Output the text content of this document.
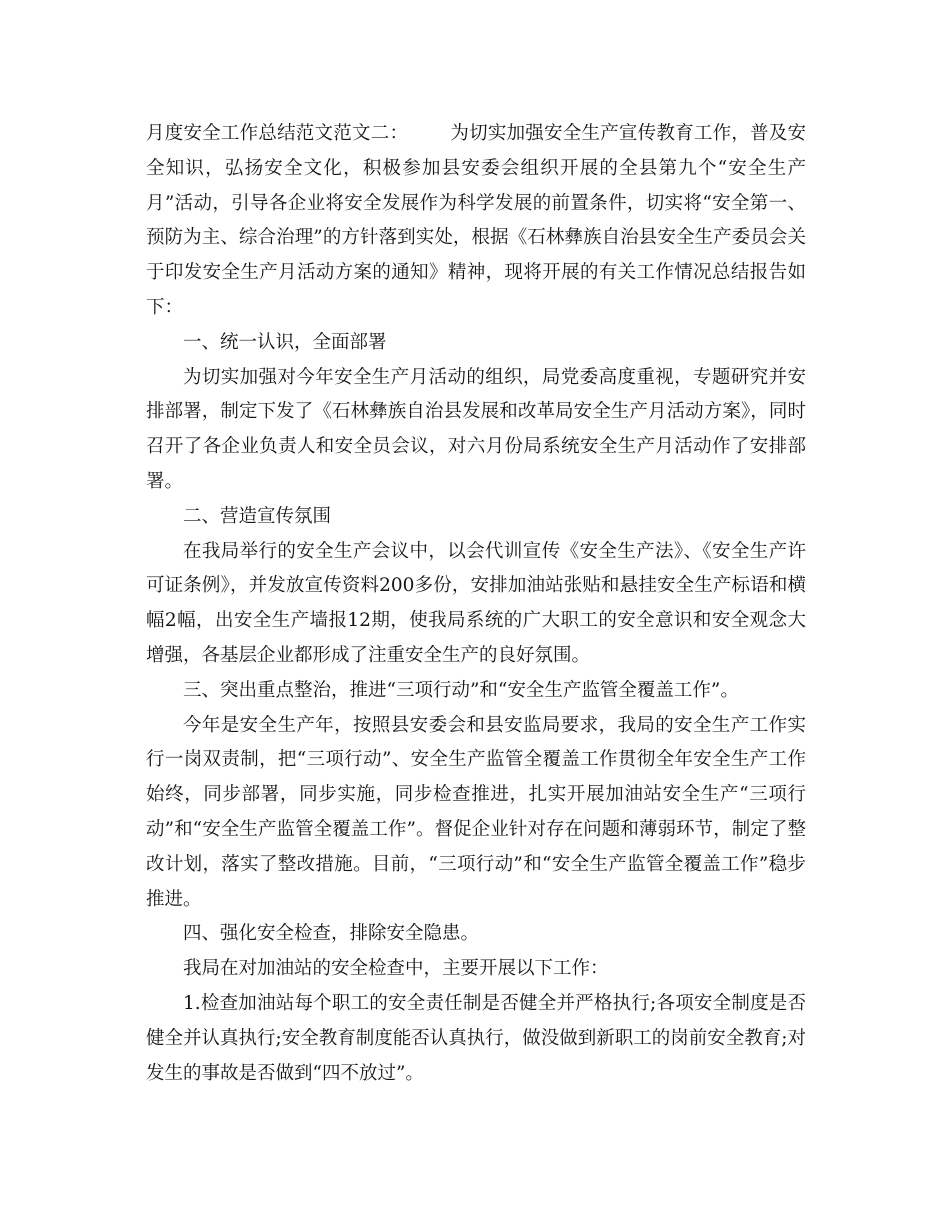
月度安全工作总结范文范文二： 为切实加强安全生产宣传教育工作，普及安全知识，弘扬安全文化，积极参加县安委会组织开展的全县第九个“安全生产月”活动，引导各企业将安全发展作为科学发展的前置条件，切实将“安全第一、预防为主、综合治理”的方针落到实处，根据《石林彝族自治县安全生产委员会关于印发安全生产月活动方案的通知》精神，现将开展的有关工作情况总结报告如下：

一、统一认识，全面部署

为切实加强对今年安全生产月活动的组织，局党委高度重视，专题研究并安排部署，制定下发了《石林彝族自治县发展和改革局安全生产月活动方案》，同时召开了各企业负责人和安全员会议，对六月份局系统安全生产月活动作了安排部署。

二、营造宣传氛围

在我局举行的安全生产会议中，以会代训宣传《安全生产法》、《安全生产许可证条例》，并发放宣传资料200多份，安排加油站张贴和悬挂安全生产标语和横幅2幅，出安全生产墙报12期，使我局系统的广大职工的安全意识和安全观念大增强，各基层企业都形成了注重安全生产的良好氛围。

三、突出重点整治，推进“三项行动”和“安全生产监管全覆盖工作”。

今年是安全生产年，按照县安委会和县安监局要求，我局的安全生产工作实行一岗双责制，把“三项行动”、安全生产监管全覆盖工作贯彻全年安全生产工作始终，同步部署，同步实施，同步检查推进，扎实开展加油站安全生产“三项行动”和“安全生产监管全覆盖工作”。督促企业针对存在问题和薄弱环节，制定了整改计划，落实了整改措施。目前，“三项行动”和“安全生产监管全覆盖工作”稳步推进。

四、强化安全检查，排除安全隐患。

我局在对加油站的安全检查中，主要开展以下工作：

1.检查加油站每个职工的安全责任制是否健全并严格执行;各项安全制度是否健全并认真执行;安全教育制度能否认真执行，做没做到新职工的岗前安全教育;对发生的事故是否做到“四不放过”。
